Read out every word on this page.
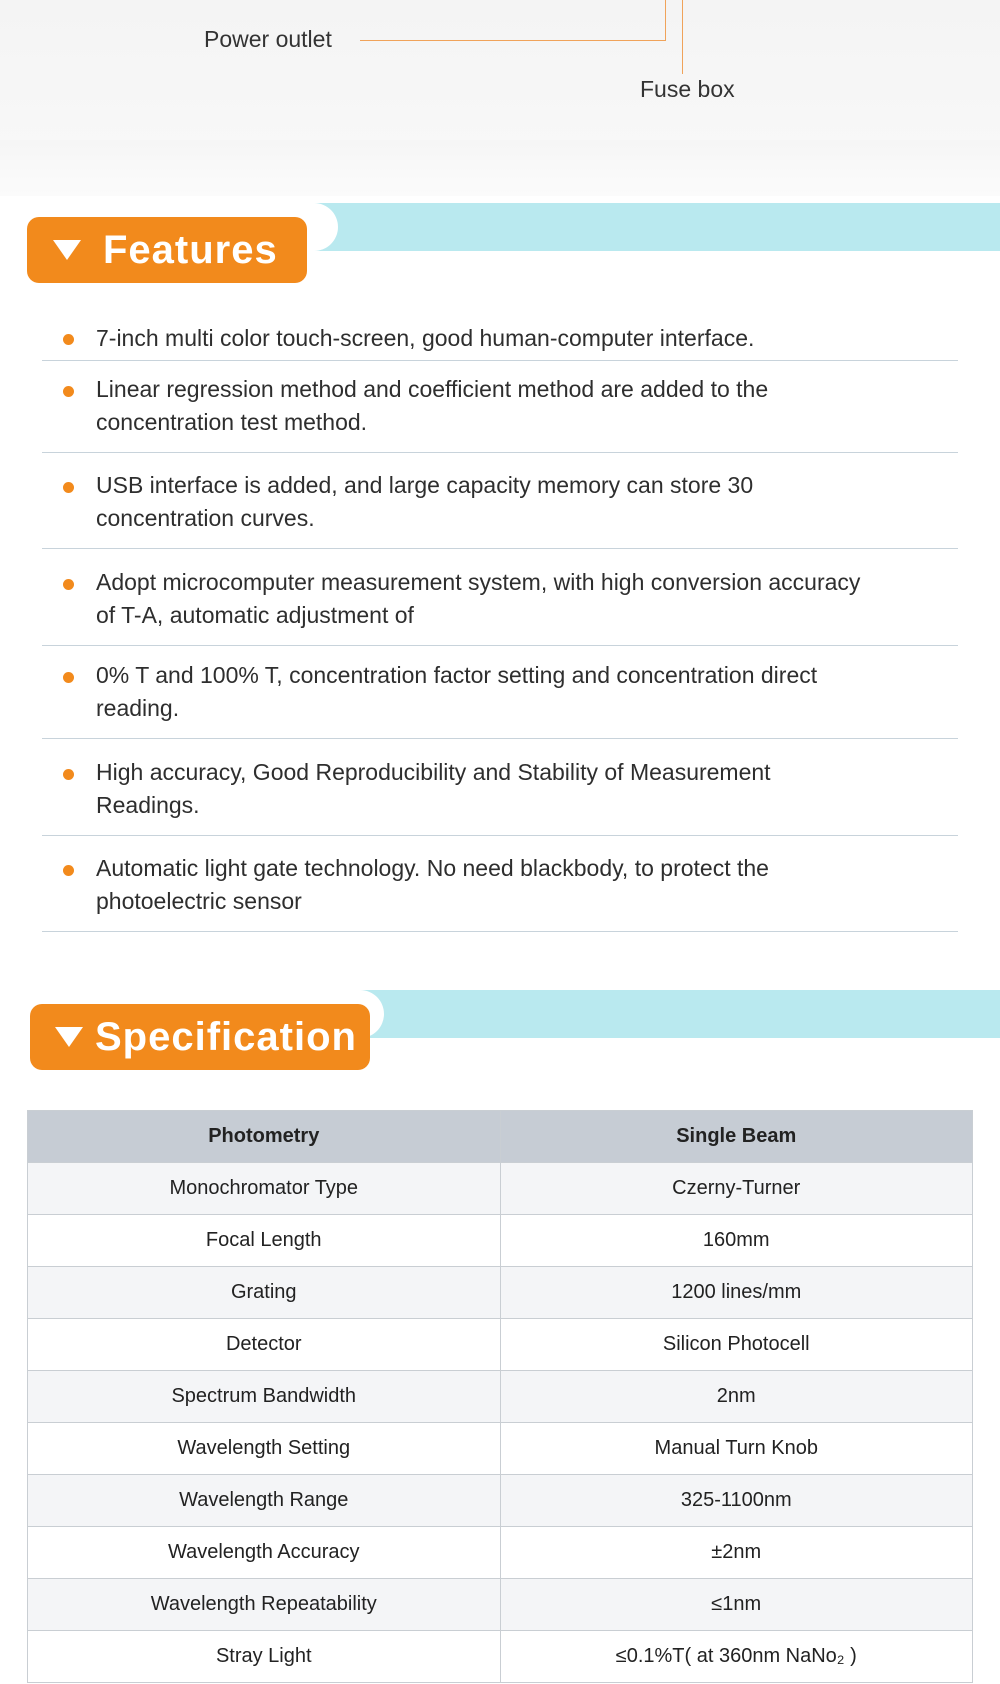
Power outlet
Fuse box
Features
7-inch multi color touch-screen, good human-computer interface.
Linear regression method and coefficient method are added to the
concentration test method.
USB interface is added, and large capacity memory can store 30
concentration curves.
Adopt microcomputer measurement system, with high conversion accuracy
of T-A, automatic adjustment of
0% T and 100% T, concentration factor setting and concentration direct
reading.
High accuracy, Good Reproducibility and Stability of Measurement
Readings.
Automatic light gate technology. No need blackbody, to protect the
photoelectric sensor
Specification
Photometry	Single Beam
Monochromator Type	Czerny-Turner
Focal Length	160mm
Grating	1200 lines/mm
Detector	Silicon Photocell
Spectrum Bandwidth	2nm
Wavelength Setting	Manual Turn Knob
Wavelength Range	325-1100nm
Wavelength Accuracy	±2nm
Wavelength Repeatability	≤1nm
Stray Light	≤0.1%T( at 360nm NaNo₂ )
